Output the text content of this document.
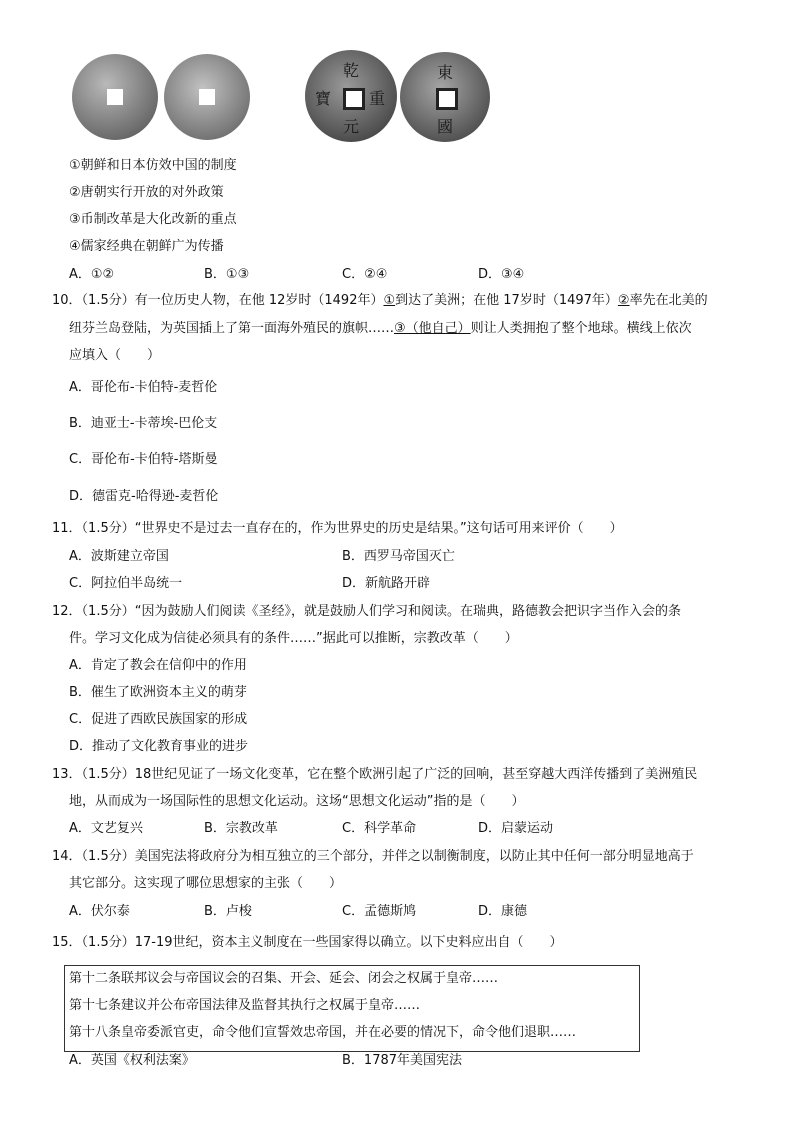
乾
重
元
寶
東
國
①朝鲜和日本仿效中国的制度
②唐朝实行开放的对外政策
③币制改革是大化改新的重点
④儒家经典在朝鲜广为传播
A．①②	B．①③	C．②④	D．③④
10．（1.5分）有一位历史人物，在他 12岁时（1492年）①到达了美洲；在他 17岁时（1497年）②率先在北美的
纽芬兰岛登陆，为英国插上了第一面海外殖民的旗帜……③（他自己）则让人类拥抱了整个地球。横线上依次
应填入（　　）
A．哥伦布-卡伯特-麦哲伦
B．迪亚士-卡蒂埃-巴伦支
C．哥伦布-卡伯特-塔斯曼
D．德雷克-哈得逊-麦哲伦
11．（1.5分）“世界史不是过去一直存在的，作为世界史的历史是结果。”这句话可用来评价（　　）
A．波斯建立帝国	B．西罗马帝国灭亡
C．阿拉伯半岛统一	D．新航路开辟
12．（1.5分）“因为鼓励人们阅读《圣经》，就是鼓励人们学习和阅读。在瑞典，路德教会把识字当作入会的条
件。学习文化成为信徒必须具有的条件……”据此可以推断，宗教改革（　　）
A．肯定了教会在信仰中的作用
B．催生了欧洲资本主义的萌芽
C．促进了西欧民族国家的形成
D．推动了文化教育事业的进步
13．（1.5分）18世纪见证了一场文化变革，它在整个欧洲引起了广泛的回响，甚至穿越大西洋传播到了美洲殖民
地，从而成为一场国际性的思想文化运动。这场“思想文化运动”指的是（　　）
A．文艺复兴	B．宗教改革	C．科学革命	D．启蒙运动
14．（1.5分）美国宪法将政府分为相互独立的三个部分，并伴之以制衡制度，以防止其中任何一部分明显地高于
其它部分。这实现了哪位思想家的主张（　　）
A．伏尔泰	B．卢梭	C．孟德斯鸠	D．康德
15．（1.5分）17-19世纪，资本主义制度在一些国家得以确立。以下史料应出自（　　）
第十二条联邦议会与帝国议会的召集、开会、延会、闭会之权属于皇帝……
第十七条建议并公布帝国法律及监督其执行之权属于皇帝……
第十八条皇帝委派官吏，命令他们宣誓效忠帝国，并在必要的情况下，命令他们退职……
A．英国《权利法案》	B．1787年美国宪法
